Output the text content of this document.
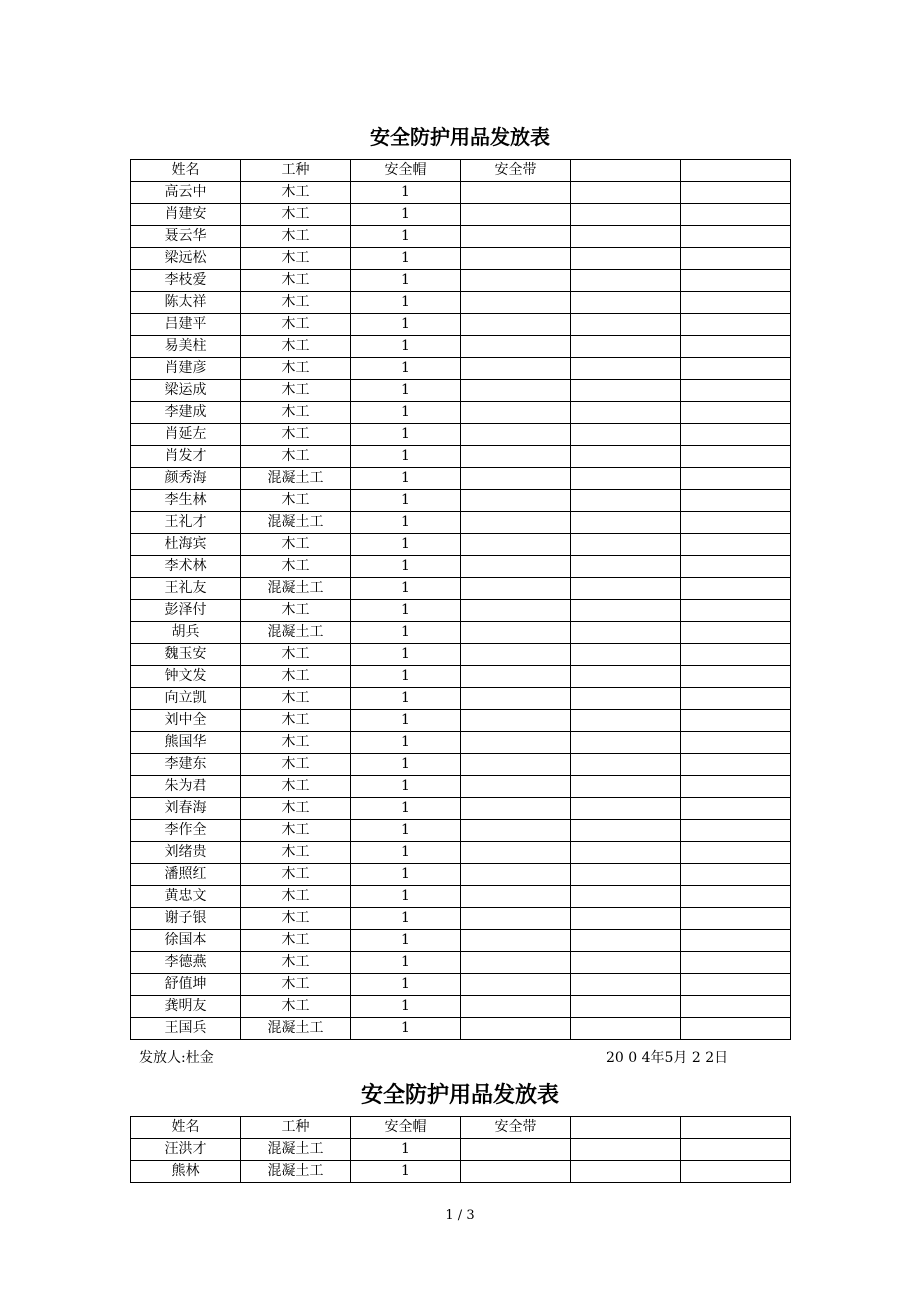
安全防护用品发放表
姓名	工种	安全帽	安全带		
高云中	木工	1			
肖建安	木工	1			
聂云华	木工	1			
梁远松	木工	1			
李枝爱	木工	1			
陈太祥	木工	1			
吕建平	木工	1			
易美柱	木工	1			
肖建彦	木工	1			
梁运成	木工	1			
李建成	木工	1			
肖延左	木工	1			
肖发才	木工	1			
颜秀海	混凝土工	1			
李生林	木工	1			
王礼才	混凝土工	1			
杜海宾	木工	1			
李术林	木工	1			
王礼友	混凝土工	1			
彭泽付	木工	1			
胡兵	混凝土工	1			
魏玉安	木工	1			
钟文发	木工	1			
向立凯	木工	1			
刘中全	木工	1			
熊国华	木工	1			
李建东	木工	1			
朱为君	木工	1			
刘春海	木工	1			
李作全	木工	1			
刘绪贵	木工	1			
潘照红	木工	1			
黄忠文	木工	1			
谢子银	木工	1			
徐国本	木工	1			
李德燕	木工	1			
舒值坤	木工	1			
龚明友	木工	1			
王国兵	混凝土工	1			
发放人:杜金	20 0 4年5月 2 2日
安全防护用品发放表
姓名	工种	安全帽	安全带		
汪洪才	混凝土工	1			
熊林	混凝土工	1			
1 / 3
